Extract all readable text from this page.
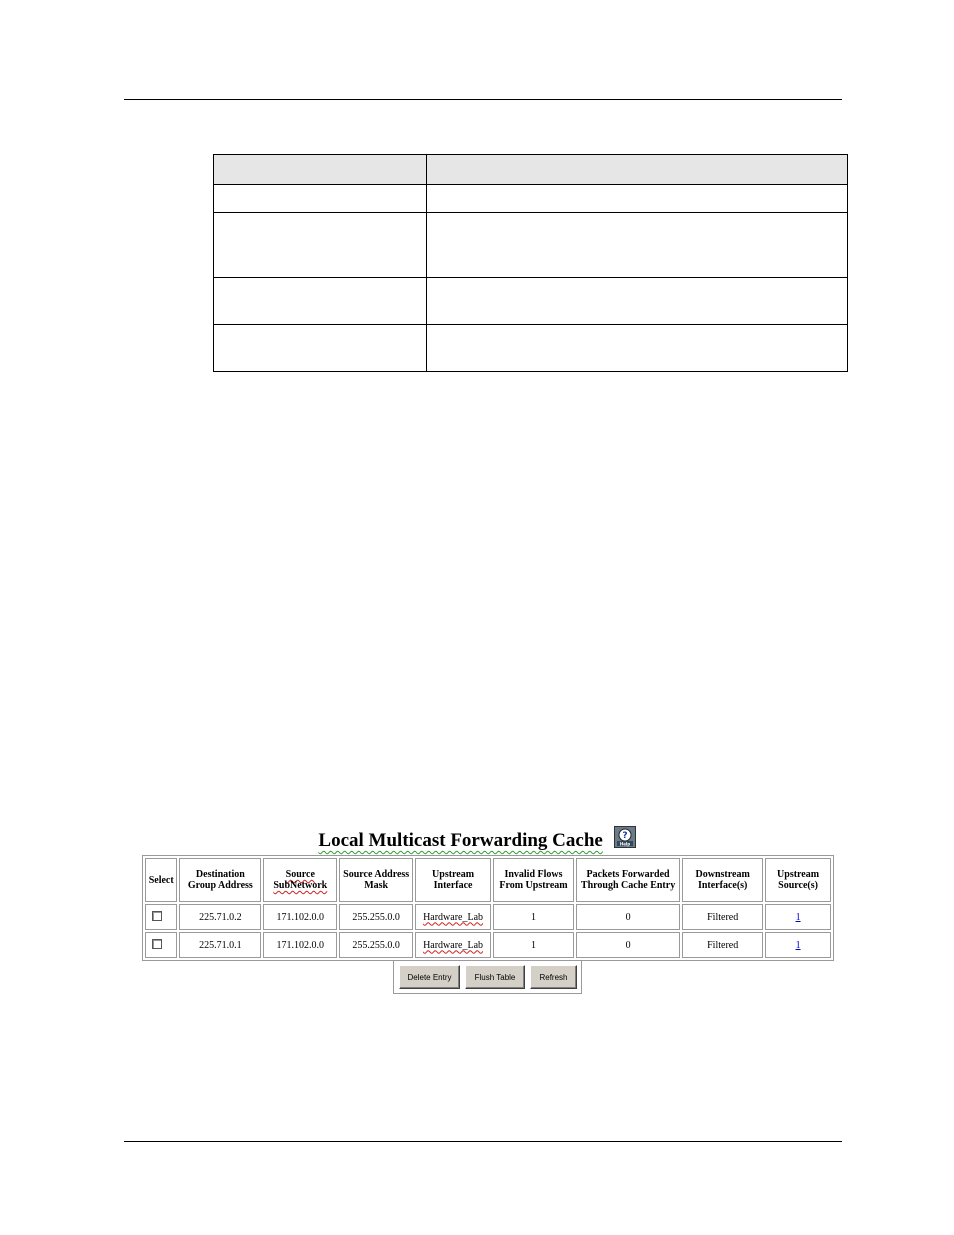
Local Multicast Forwarding Cache ?
Help
Select	Destination Group Address	Source SubNetwork	Source Address Mask	Upstream Interface	Invalid Flows From Upstream	Packets Forwarded Through Cache Entry	Downstream Interface(s)	Upstream Source(s)
	225.71.0.2	171.102.0.0	255.255.0.0	Hardware_Lab	1	0	Filtered	1
	225.71.0.1	171.102.0.0	255.255.0.0	Hardware_Lab	1	0	Filtered	1
Delete Entry	Flush Table	Refresh
